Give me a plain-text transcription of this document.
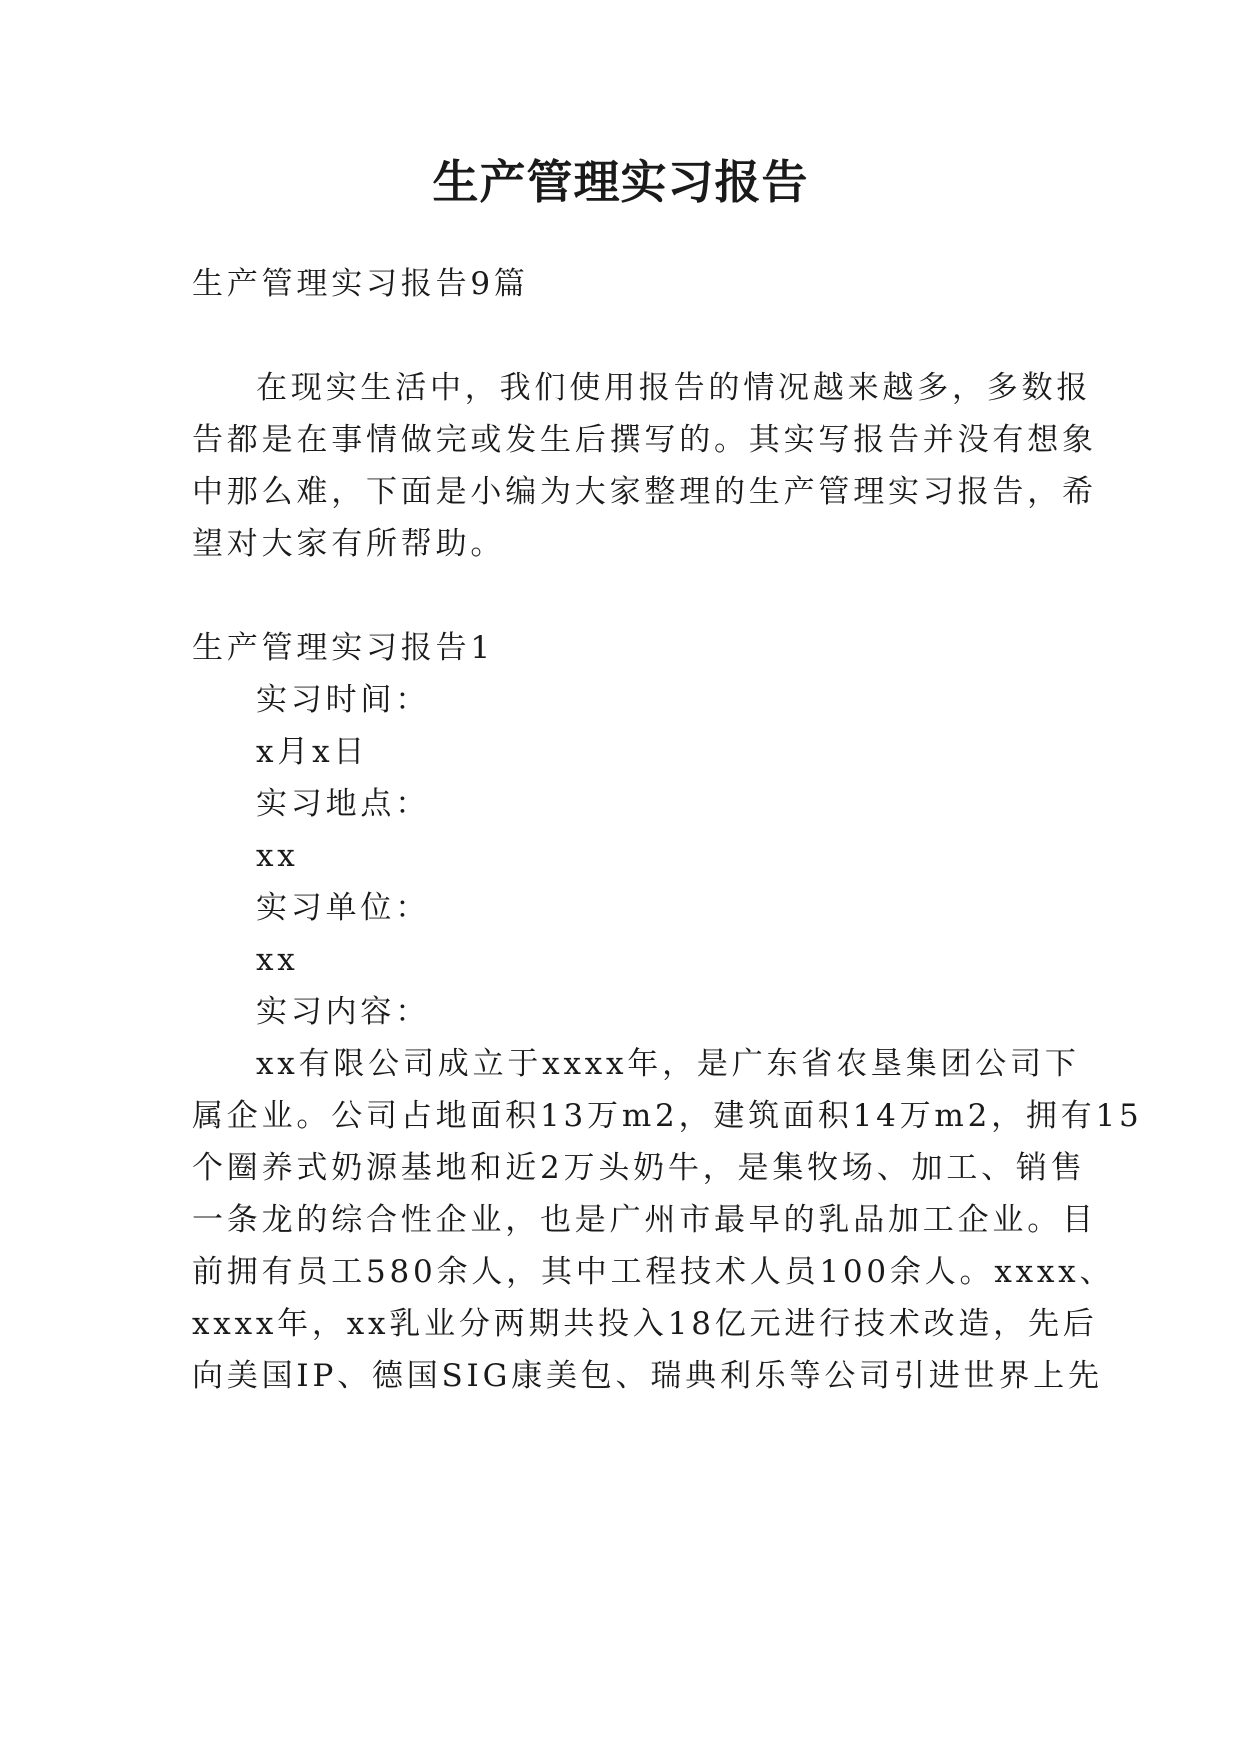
生产管理实习报告
生产管理实习报告9篇
在现实生活中，我们使用报告的情况越来越多，多数报
告都是在事情做完或发生后撰写的。其实写报告并没有想象
中那么难，下面是小编为大家整理的生产管理实习报告，希
望对大家有所帮助。
生产管理实习报告1
实习时间：
x月x日
实习地点：
xx
实习单位：
xx
实习内容：
xx有限公司成立于xxxx年，是广东省农垦集团公司下
属企业。公司占地面积13万m2，建筑面积14万m2，拥有15
个圈养式奶源基地和近2万头奶牛，是集牧场、加工、销售
一条龙的综合性企业，也是广州市最早的乳品加工企业。目
前拥有员工580余人，其中工程技术人员100余人。xxxx、
xxxx年，xx乳业分两期共投入18亿元进行技术改造，先后
向美国IP、德国SIG康美包、瑞典利乐等公司引进世界上先
